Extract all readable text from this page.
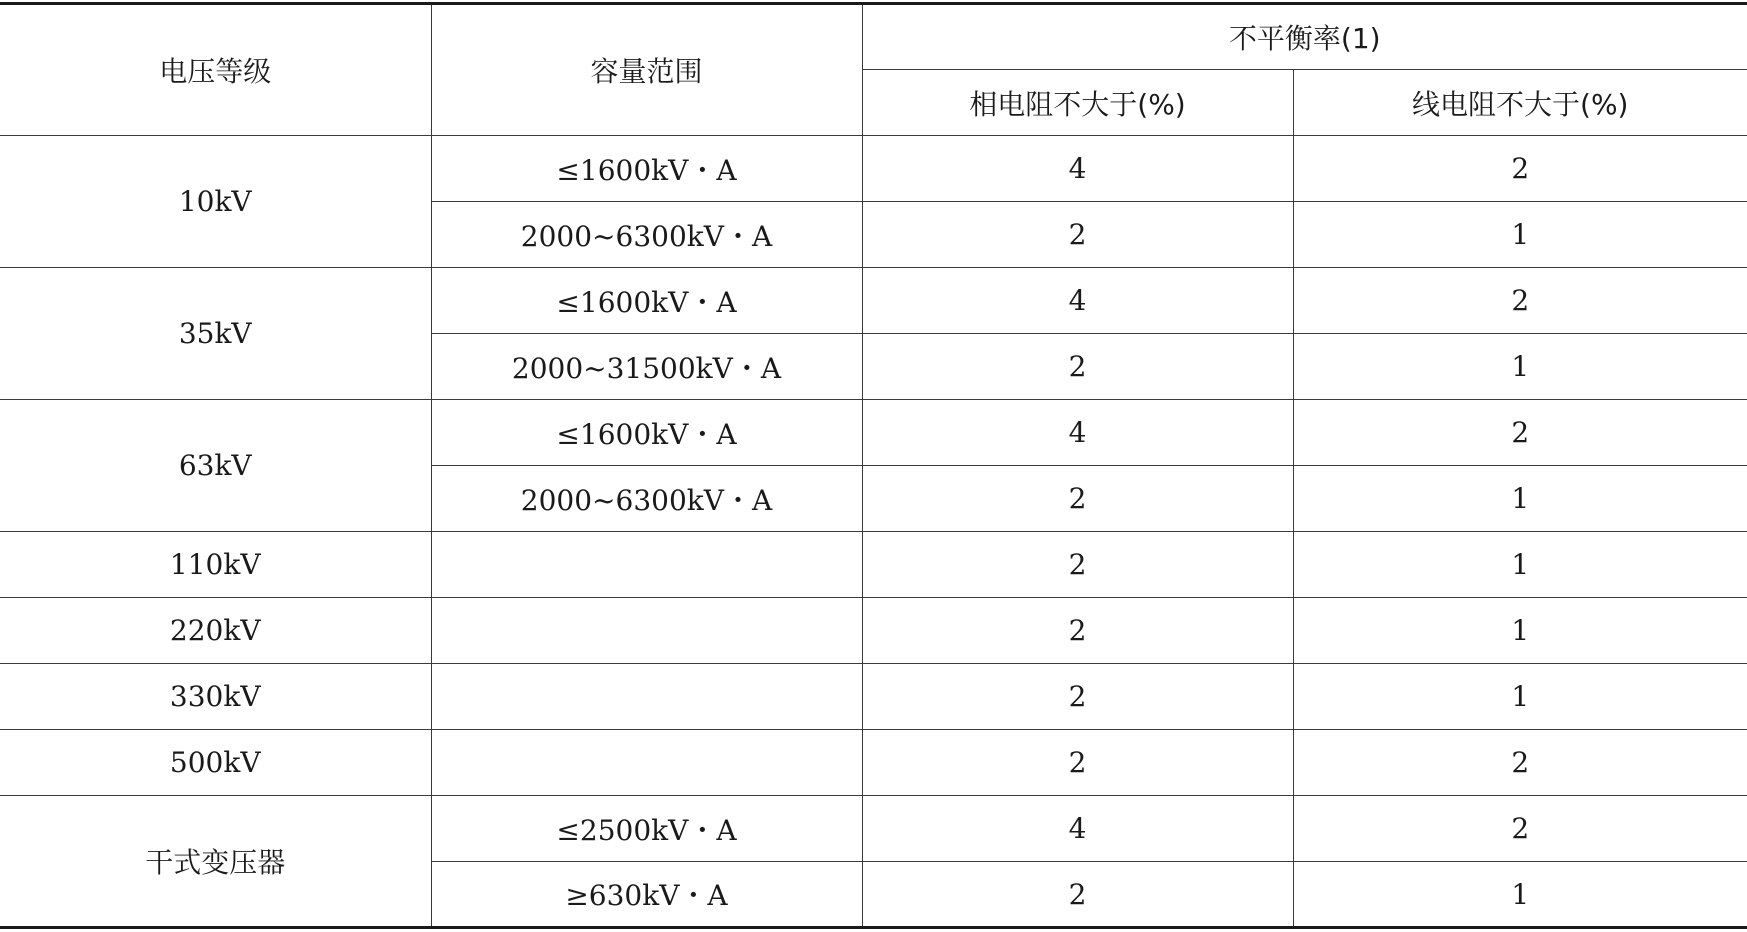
电压等级	容量范围	不平衡率(1)	
		相电阻不大于(%)	线电阻不大于(%)
10kV	≤1600kV・A	4	2
	2000~6300kV・A	2	1
35kV	≤1600kV・A	4	2
	2000~31500kV・A	2	1
63kV	≤1600kV・A	4	2
	2000~6300kV・A	2	1
110kV		2	1
220kV		2	1
330kV		2	1
500kV		2	2
干式变压器	≤2500kV・A	4	2
	≥630kV・A	2	1
